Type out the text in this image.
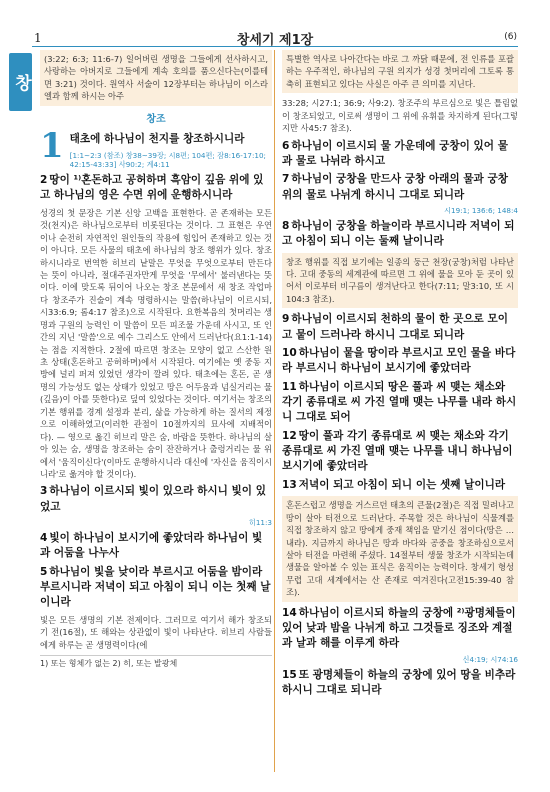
1	창세기 제1장	(6)
창

(3:22; 6:3; 11:6-7) 일어버린 생명을 그들에게 선사하시고, 사랑하는 아버지로 그들에게 계속 호의를 품으신다는(이를테면 3:21) 것이다. 원역사 서술이 12장부터는 하나님이 이스라엘과 함께 하시는 아주

창조
1 태초에 하나님이 천지를 창조하시니라
[1:1~2:3 (참조) 창38~39장; 시8편; 104편; 잠8:16-17:10; 42:15-43:33] 사90:2; 계4:11
2 땅이 ¹⁾혼돈하고 공허하며 흑암이 깊음 위에 있고 하나님의 영은 수면 위에 운행하시니라

성경의 첫 문장은 기본 신앙 고백을 표현한다. 곧 존재하는 모든 것(천지)은 하나님으로부터 비롯된다는 것이다. 그 표현은 우연이나 순전히 자연적인 원인들의 작용에 힘입어 존재하고 있는 것이 아니다. 모든 사물의 태초에 하나님의 창조 행위가 있다. 창조하시니라로 번역한 히브리 낱말은 무엇을 무엇으로부터 만든다는 뜻이 아니라, 절대주권자만게 무엇을 '무에서' 불러낸다는 뜻이다. 이에 맞도록 뒤이어 나오는 창조 본문에서 새 창조 작업마다 창조주가 진술이 계속 명령하시는 말씀(하나님이 이르시되, 시33:6.9; 롬4:17 참조)으로 시작된다. 요한복음의 첫머리는 생명과 구원의 능력인 이 말씀이 모든 피조물 가운데 사시고, 또 인간의 지닌 '말씀'으로 예수 그리스도 안에서 드러난다(요1:1-14)는 점을 지적한다. 2절에 따르면 창조는 모양이 없고 스산한 원초 상태(혼돈하고 공허하며)에서 시작된다. 여기에는 옛 중동 지방에 널리 퍼져 있었던 생각이 깔려 있다. 태초에는 혼돈, 곧 생명의 가능성도 없는 상태가 있었고 땅은 어두움과 넘실거리는 물(깊음)이 아를 뜻한다)로 덮여 있었다는 것이다. 여기서는 창조의 기본 행위를 경계 설정과 분리, 삶을 가능하게 하는 질서의 제정으로 이해하였고(이러한 관점이 10절까지의 묘사에 지배적이다). — 영으로 옮긴 히브리 말은 숨, 바람을 뜻한다. 하나님의 살아 있는 숨, 생명을 창조하는 숨이 잔잔하거나 출렁거리는 물 위에서 '움직이신다'(이마도 운행하시니라 대신에 '자신을 움직이시니라'로 옮겨야 할 것이다).

3 하나님이 이르시되 빛이 있으라 하시니 빛이 있었고
히11:3
4 빛이 하나님이 보시기에 좋았더라 하나님이 빛과 어둠을 나누사
5 하나님이 빛을 낮이라 부르시고 어둠을 밤이라 부르시니라 저녁이 되고 아침이 되니 이는 첫째 날이니라

빛은 모든 생명의 기본 전제이다. 그러므로 여기서 해가 창조되기 전(16절), 또 해와는 상관없이 빛이 나타난다. 히브리 사람들에게 하루는 곧 생명력이다(에

1) 또는 형체가 없는 2) 히, 또는 발광체

특별한 역사로 나아간다는 바로 그 까닭 때문에, 전 인류를 포괄하는 우주적인, 하나님의 구원 의지가 성경 첫머리에 그토록 통축히 표현되고 있다는 사실은 아주 큰 의미를 지닌다.

33:28; 시27:1; 36:9; 사9:2). 창조주의 부르심으로 빛은 틀림없이 창조되었고, 이로써 생명이 그 위에 유휘를 차지하게 된다(그렇지만 사45:7 참조).

6 하나님이 이르시되 물 가운데에 궁창이 있어 물과 물로 나뉘라 하시고
7 하나님이 궁창을 만드사 궁창 아래의 물과 궁창 위의 물로 나뉘게 하시니 그대로 되니라
시19:1; 136:6; 148:4
8 하나님이 궁창을 하늘이라 부르시니라 저녁이 되고 아침이 되니 이는 둘째 날이니라

창조 행위를 직접 보기에는 일종의 둥근 천장(궁창)처럼 나타난다. 고대 중동의 세계관에 따르면 그 위에 물을 모아 둔 곳이 있어서 이로부터 비구름이 생겨난다고 한다(7:11; 말3:10, 또 시104:3 참조).

9 하나님이 이르시되 천하의 물이 한 곳으로 모이고 뭍이 드러나라 하시니 그대로 되니라
10 하나님이 뭍을 땅이라 부르시고 모인 물을 바다라 부르시니 하나님이 보시기에 좋았더라
11 하나님이 이르시되 땅은 풀과 씨 맺는 채소와 각기 종류대로 씨 가진 열매 맺는 나무를 내라 하시니 그대로 되어
12 땅이 풀과 각기 종류대로 씨 맺는 채소와 각기 종류대로 씨 가진 열매 맺는 나무를 내니 하나님이 보시기에 좋았더라
13 저녁이 되고 아침이 되니 이는 셋째 날이니라

혼돈스럽고 생명을 거스르던 태초의 큰물(2절)은 직접 밀려나고 땅이 살아 터전으로 드러난다. 주목할 것은 하나님이 식물계를 직접 창조하지 않고 땅에게 중재 책임을 맡기신 점이다(땅은 … 내라). 지금까지 하나님은 땅과 바다와 공중을 창조하심으로서 살아 터전을 마련해 주셨다. 14절부터 생물 창조가 시작되는데 생물을 알아볼 수 있는 표식은 움직이는 능력이다. 창세기 형성 무렵 고대 세계에서는 산 존재로 여겨진다(고전15:39-40 참조).

14 하나님이 이르시되 하늘의 궁창에 ²⁾광명체들이 있어 낮과 밤을 나뉘게 하고 그것들로 징조와 계절과 날과 해를 이루게 하라
신4:19; 시74:16
15 또 광명체들이 하늘의 궁창에 있어 땅을 비추라 하시니 그대로 되니라
